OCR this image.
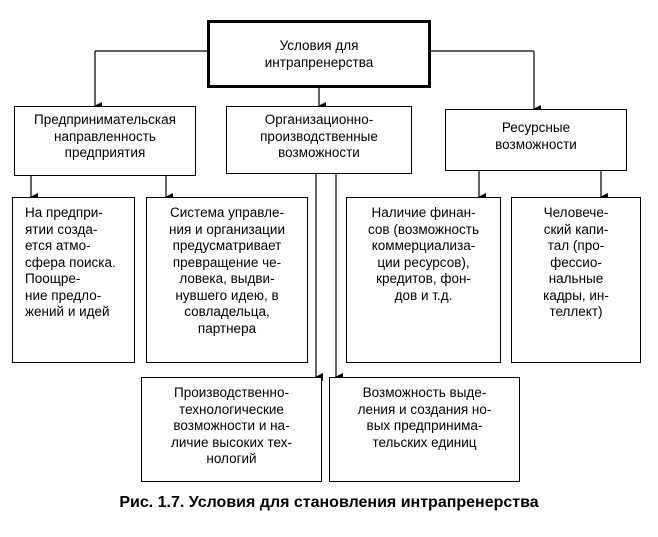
Условия для
интрапренерства
Предпринимательская
направленность
предприятия
Организационно-
производственные
возможности
Ресурсные
возможности
На предпри-
ятии созда-
ется атмо-
сфера поиска.
Поощре-
ние предло-
жений и идей
Система управле-
ния и организации
предусматривает
превращение че-
ловека, выдви-
нувшего идею, в
совладельца,
партнера
Наличие финан-
сов (возможность
коммерциализа-
ции ресурсов),
кредитов, фон-
дов и т.д.
Человече-
ский капи-
тал (про-
фессио-
нальные
кадры, ин-
теллект)
Производственно-
технологические
возможности и на-
личие высоких тех-
нологий
Возможность выде-
ления и создания но-
вых предпринима-
тельских единиц
Рис. 1.7. Условия для становления интрапренерства
